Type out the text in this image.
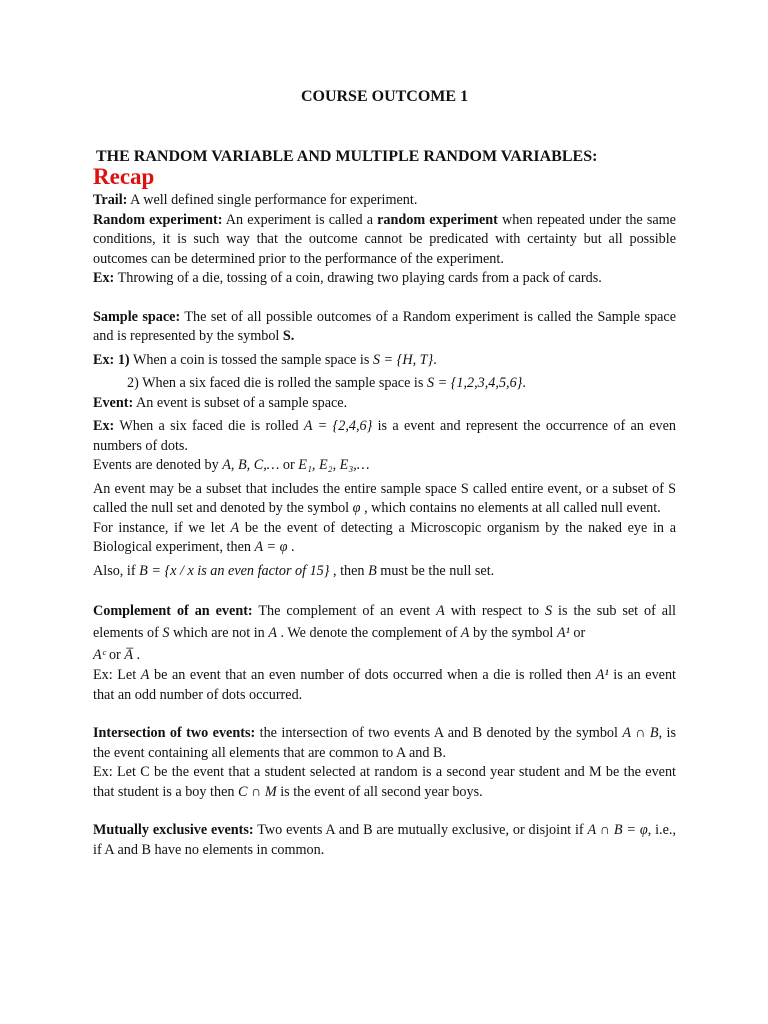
COURSE OUTCOME 1
THE RANDOM VARIABLE AND MULTIPLE RANDOM VARIABLES:
Recap

Trail: A well defined single performance for experiment.

Random experiment: An experiment is called a random experiment when repeated under the same conditions, it is such way that the outcome cannot be predicated with certainty but all possible outcomes can be determined prior to the performance of the experiment.

Ex: Throwing of a die, tossing of a coin, drawing two playing cards from a pack of cards.

Sample space: The set of all possible outcomes of a Random experiment is called the Sample space and is represented by the symbol S.

Ex: 1) When a coin is tossed the sample space is S = {H, T}.

2) When a six faced die is rolled the sample space is S = {1,2,3,4,5,6}.

Event: An event is subset of a sample space.

Ex: When a six faced die is rolled A = {2,4,6} is a event and represent the occurrence of an even numbers of dots.

Events are denoted by A, B, C,… or E₁, E₂, E₃,…

An event may be a subset that includes the entire sample space S called entire event, or a subset of S called the null set and denoted by the symbol φ , which contains no elements at all called null event.

For instance, if we let A be the event of detecting a Microscopic organism by the naked eye in a Biological experiment, then A = φ .

Also, if B = {x / x is an even factor of 15} , then B must be the null set.

Complement of an event: The complement of an event A with respect to S is the sub set of all elements of S which are not in A . We denote the complement of A by the symbol A¹ or
Aᶜ or A̅ .

Ex: Let A be an event that an even number of dots occurred when a die is rolled then A¹ is an event that an odd number of dots occurred.

Intersection of two events: the intersection of two events A and B denoted by the symbol A ∩ B, is the event containing all elements that are common to A and B.

Ex: Let C be the event that a student selected at random is a second year student and M be the event that student is a boy then C ∩ M is the event of all second year boys.

Mutually exclusive events: Two events A and B are mutually exclusive, or disjoint if A ∩ B = φ, i.e., if A and B have no elements in common.
